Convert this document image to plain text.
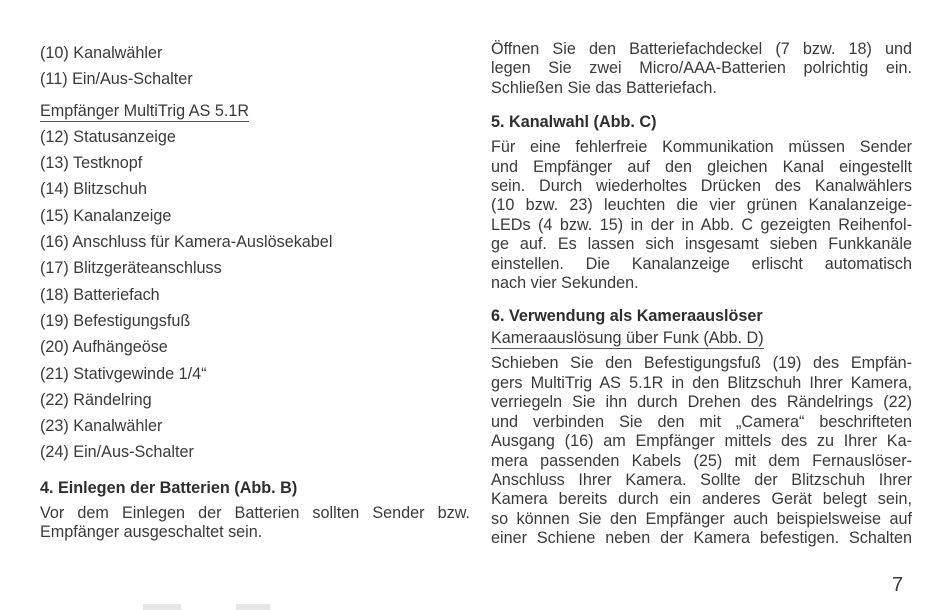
(10) Kanalwähler
(11) Ein/Aus-Schalter
Empfänger MultiTrig AS 5.1R
(12) Statusanzeige
(13) Testknopf
(14) Blitzschuh
(15) Kanalanzeige
(16) Anschluss für Kamera-Auslösekabel
(17) Blitzgeräteanschluss
(18) Batteriefach
(19) Befestigungsfuß
(20) Aufhängeöse
(21) Stativgewinde 1/4“
(22) Rändelring
(23) Kanalwähler
(24) Ein/Aus-Schalter
4. Einlegen der Batterien (Abb. B)
Vor dem Einlegen der Batterien sollten Sender bzw.
Empfänger ausgeschaltet sein.
Öffnen Sie den Batteriefachdeckel (7 bzw. 18) und
legen Sie zwei Micro/AAA-Batterien polrichtig ein.
Schließen Sie das Batteriefach.
5. Kanalwahl (Abb. C)
Für eine fehlerfreie Kommunikation müssen Sender
und Empfänger auf den gleichen Kanal eingestellt
sein. Durch wiederholtes Drücken des Kanalwählers
(10 bzw. 23) leuchten die vier grünen Kanalanzeige-
LEDs (4 bzw. 15) in der in Abb. C gezeigten Reihenfol-
ge auf. Es lassen sich insgesamt sieben Funkkanäle
einstellen. Die Kanalanzeige erlischt automatisch
nach vier Sekunden.
6. Verwendung als Kameraauslöser
Kameraauslösung über Funk (Abb. D)
Schieben Sie den Befestigungsfuß (19) des Empfän-
gers MultiTrig AS 5.1R in den Blitzschuh Ihrer Kamera,
verriegeln Sie ihn durch Drehen des Rändelrings (22)
und verbinden Sie den mit „Camera“ beschrifteten
Ausgang (16) am Empfänger mittels des zu Ihrer Ka-
mera passenden Kabels (25) mit dem Fernauslöser-
Anschluss Ihrer Kamera. Sollte der Blitzschuh Ihrer
Kamera bereits durch ein anderes Gerät belegt sein,
so können Sie den Empfänger auch beispielsweise auf
einer Schiene neben der Kamera befestigen. Schalten
7
